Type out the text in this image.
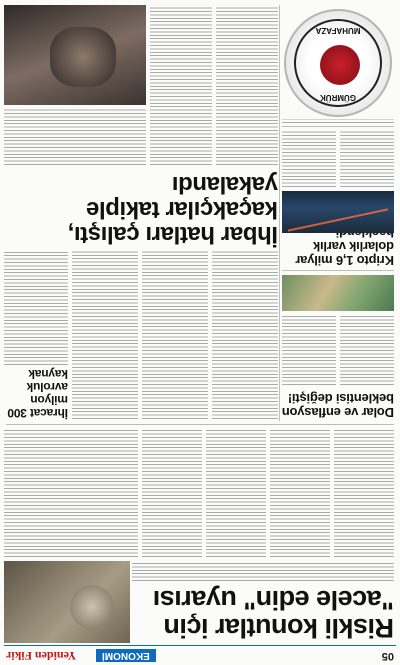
05
EKONOMİ
Yeniden Fikir
Riskli konutlar için "acele edin" uyarısı
Dolar ve enflasyon beklentisi değişti!
Kripto 1,6 milyar dolarlık varlık
İhracat 300 milyon avroluk kaynak
İhbar hatları çalıştı, kaçakçılar takiple yakalandı
GÜMRÜK
MUHAFAZA
